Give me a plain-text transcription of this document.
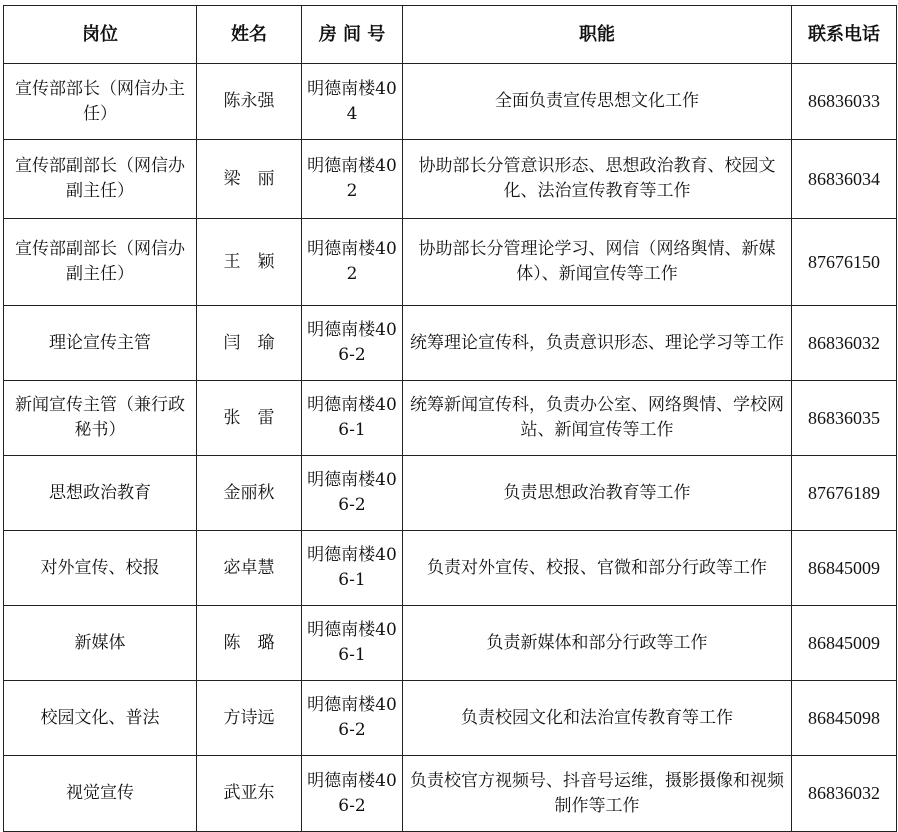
岗位	姓名	房 间 号	职能	联系电话
宣传部部长（网信办主任）	陈永强	明德南楼404	全面负责宣传思想文化工作	86836033
宣传部副部长（网信办副主任）	梁　丽	明德南楼402	协助部长分管意识形态、思想政治教育、校园文化、法治宣传教育等工作	86836034
宣传部副部长（网信办副主任）	王　颖	明德南楼402	协助部长分管理论学习、网信（网络舆情、新媒体）、新闻宣传等工作	87676150
理论宣传主管	闫　瑜	明德南楼406-2	统筹理论宣传科，负责意识形态、理论学习等工作	86836032
新闻宣传主管（兼行政秘书）	张　雷	明德南楼406-1	统筹新闻宣传科，负责办公室、网络舆情、学校网站、新闻宣传等工作	86836035
思想政治教育	金丽秋	明德南楼406-2	负责思想政治教育等工作	87676189
对外宣传、校报	宓卓慧	明德南楼406-1	负责对外宣传、校报、官微和部分行政等工作	86845009
新媒体	陈　璐	明德南楼406-1	负责新媒体和部分行政等工作	86845009
校园文化、普法	方诗远	明德南楼406-2	负责校园文化和法治宣传教育等工作	86845098
视觉宣传	武亚东	明德南楼406-2	负责校官方视频号、抖音号运维，摄影摄像和视频制作等工作	86836032
